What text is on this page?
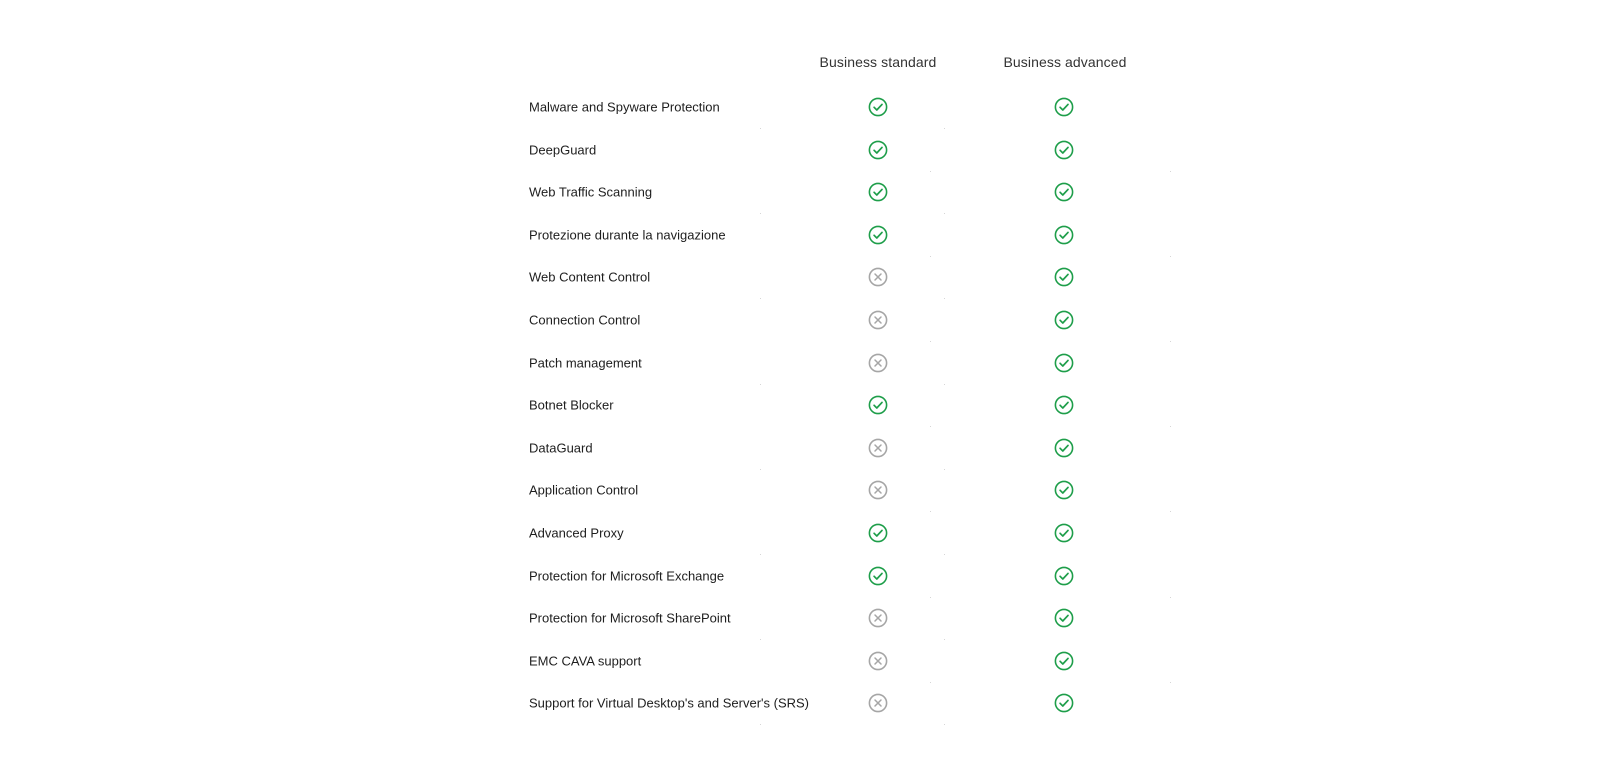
Business standard	Business advanced
Malware and Spyware Protection
DeepGuard
Web Traffic Scanning
Protezione durante la navigazione
Web Content Control
Connection Control
Patch management
Botnet Blocker
DataGuard
Application Control
Advanced Proxy
Protection for Microsoft Exchange
Protection for Microsoft SharePoint
EMC CAVA support
Support for Virtual Desktop's and Server's (SRS)
